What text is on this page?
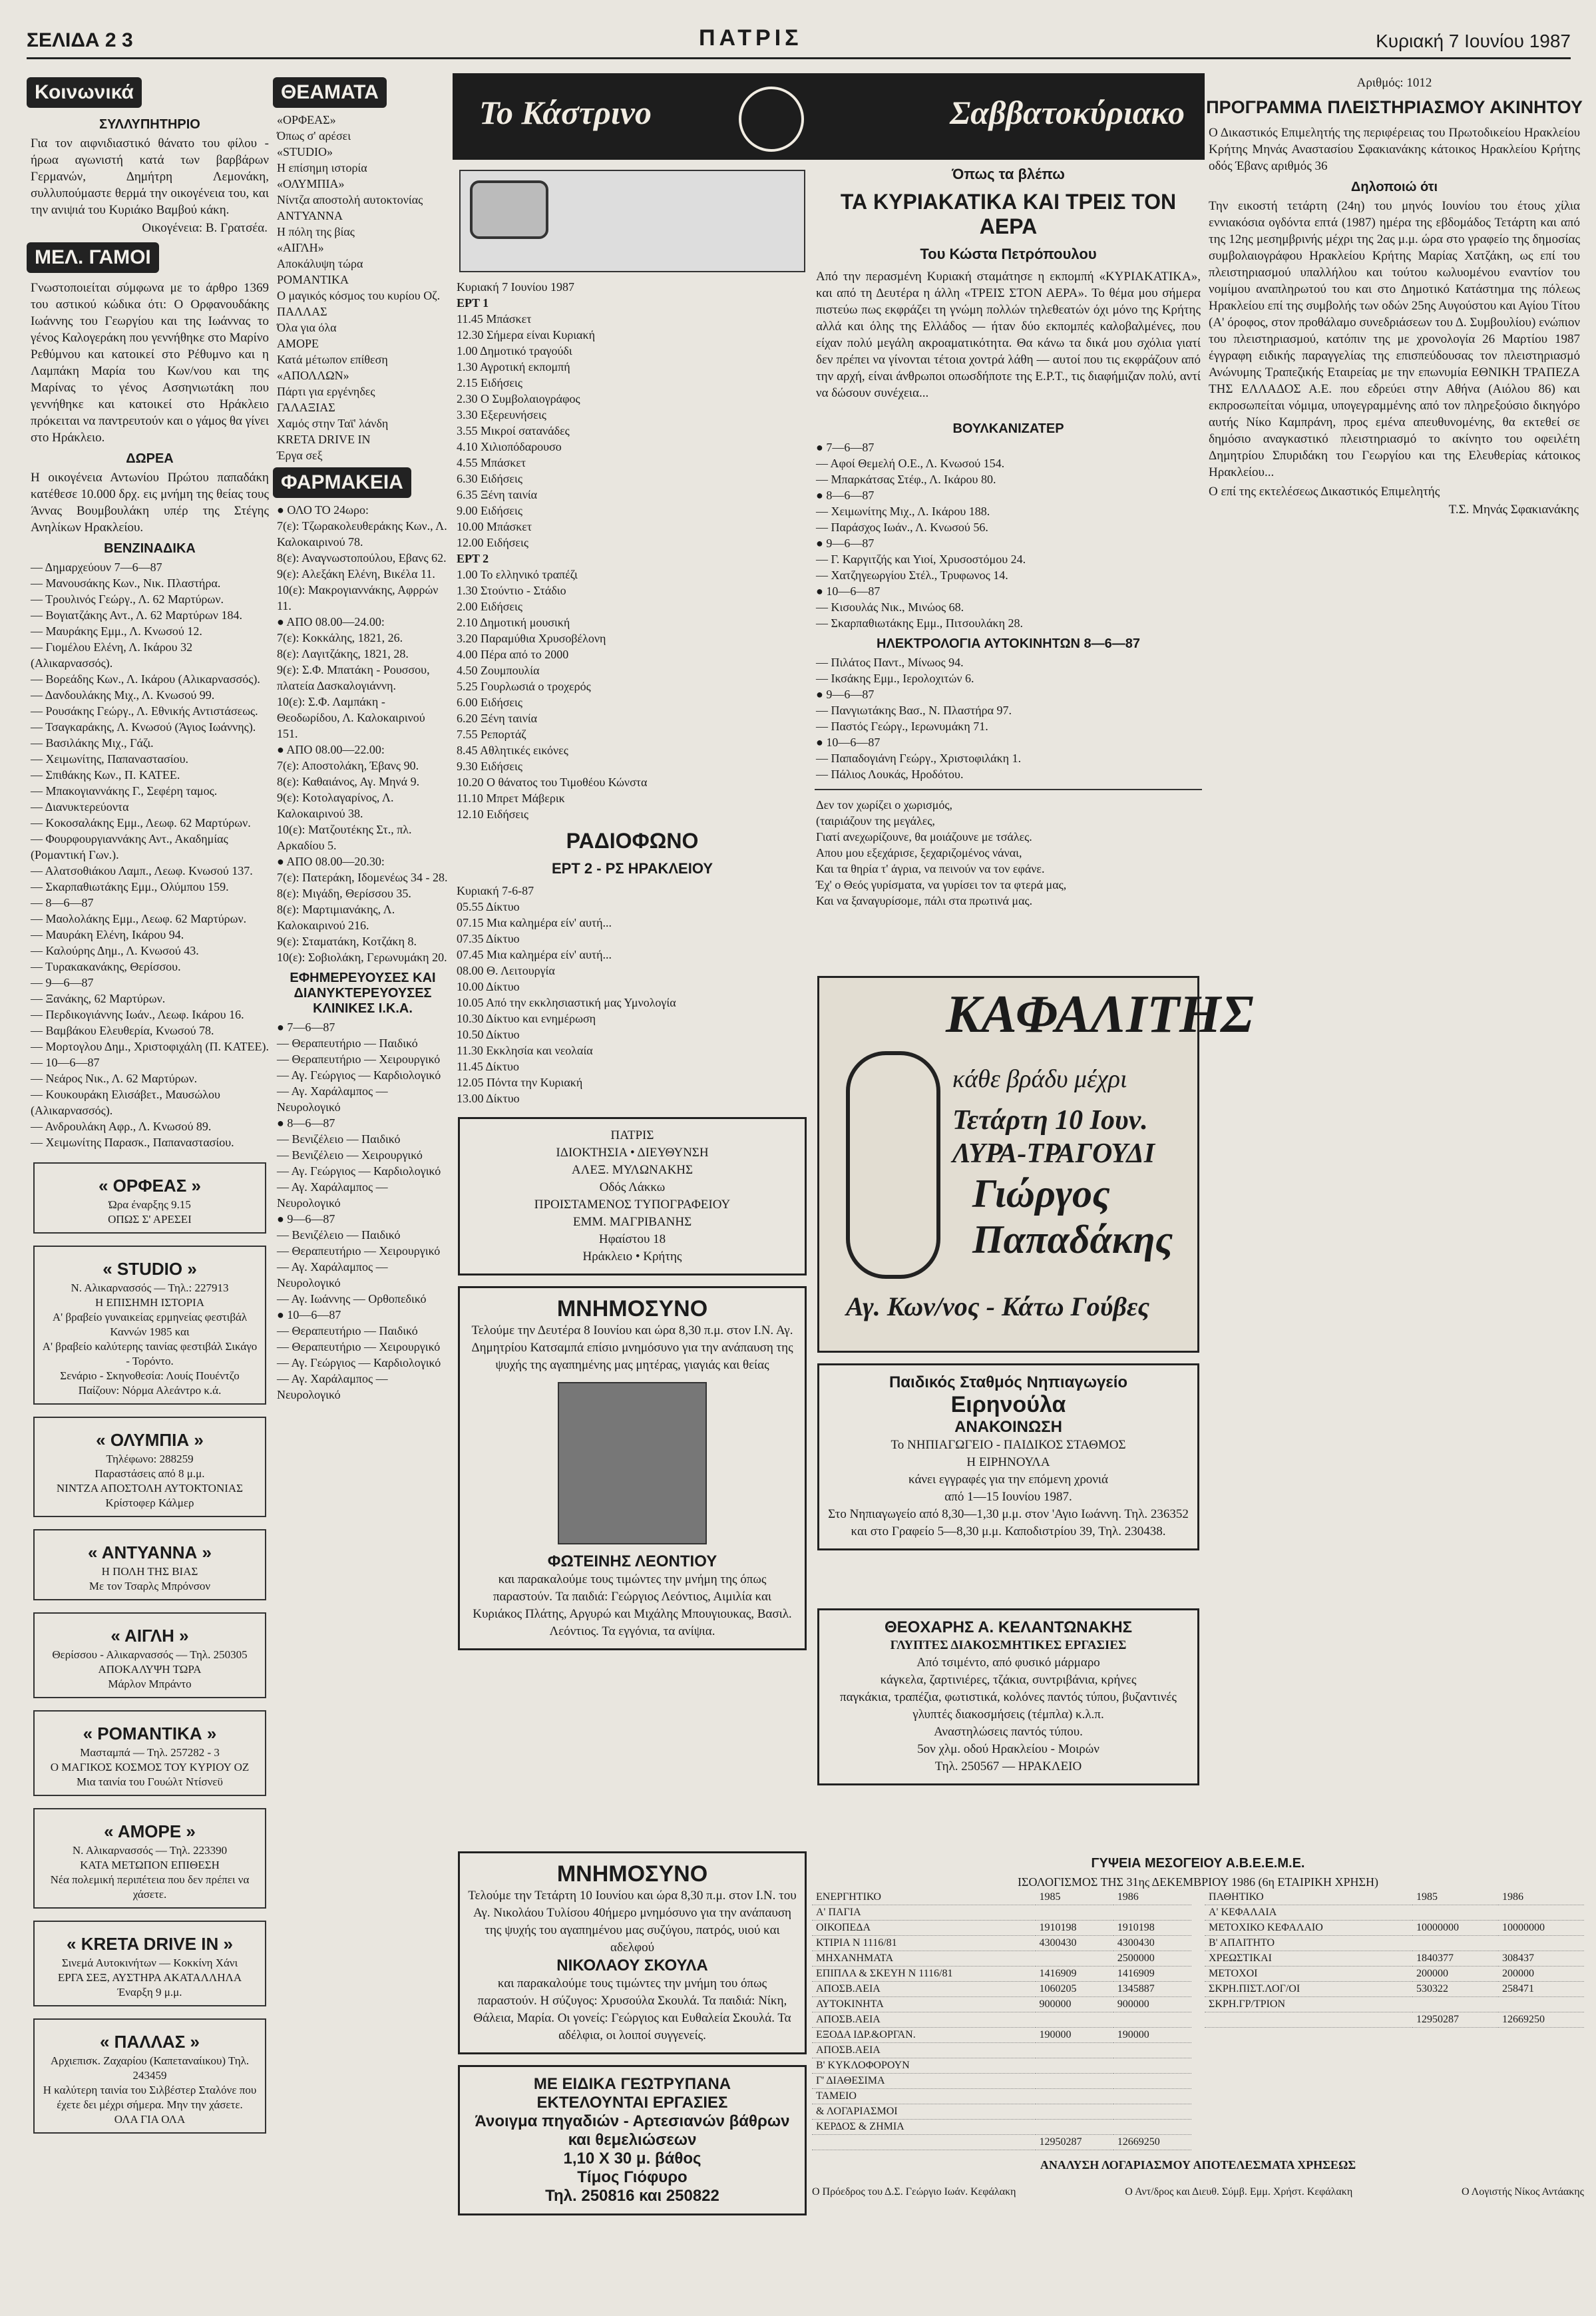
ΣΕΛΙΔΑ 2 3	ΠΑΤΡΙΣ	Κυριακή 7 Ιουνίου 1987
Κοινωνικά
ΣΥΛΛΥΠΗΤΗΡΙΟ

Για τον αιφνιδιαστικό θάνατο του φίλου - ήρωα αγωνιστή κατά των βαρβάρων Γερμανών, Δημήτρη Λεμονάκη, συλλυπούμαστε θερμά την οικογένεια του, και την ανιψιά του Κυριάκο Βαμβού κάκη.

Οικογένεια: Β. Γρατσέα.
ΜΕΛ. ΓΑΜΟΙ

Γνωστοποιείται σύμφωνα με το άρθρο 1369 του αστικού κώδικα ότι: Ο Ορφανουδάκης Ιωάννης του Γεωργίου και της Ιωάννας το γένος Καλογεράκη που γεννήθηκε στο Μαρίνο Ρεθύμνου και κατοικεί στο Ρέθυμνο και η Λαμπάκη Μαρία του Κων/νου και της Μαρίνας το γένος Ασσηνιωτάκη που γεννήθηκε και κατοικεί στο Ηράκλειο πρόκειται να παντρευτούν και ο γάμος θα γίνει στο Ηράκλειο.

ΔΩΡΕΑ

Η οικογένεια Αντωνίου Πρώτου παπαδάκη κατέθεσε 10.000 δρχ. εις μνήμη της θείας τους Άννας Βουμβουλάκη υπέρ της Στέγης Ανηλίκων Ηρακλείου.

ΒΕΝΖΙΝΑΔΙΚΑ
— Δημαρχεύουν 7—6—87
— Μανουσάκης Κων., Νικ. Πλαστήρα.
— Τρουλινός Γεώργ., Λ. 62 Μαρτύρων.
— Βογιατζάκης Αντ., Λ. 62 Μαρτύρων 184.
— Μαυράκης Εμμ., Λ. Κνωσού 12.
— Γιομέλου Ελένη, Λ. Ικάρου 32 (Αλικαρνασσός).
— Βορεάδης Κων., Λ. Ικάρου (Αλικαρνασσός).
— Δανδουλάκης Μιχ., Λ. Κνωσού 99.
— Ρουσάκης Γεώργ., Λ. Εθνικής Αντιστάσεως.
— Τσαγκαράκης, Λ. Κνωσού (Άγιος Ιωάννης).
— Βασιλάκης Μιχ., Γάζι.
— Χειμωνίτης, Παπαναστασίου.
— Σπιθάκης Κων., Π. ΚΑΤΕΕ.
— Μπακογιαννάκης Γ., Σεφέρη ταμος.
— Διανυκτερεύοντα
— Κοκοσαλάκης Εμμ., Λεωφ. 62 Μαρτύρων.
— Φουρφουργιαννάκης Αντ., Ακαδημίας (Ρομαντική Γων.).
— Αλατσοθιάκου Λαμπ., Λεωφ. Κνωσού 137.
— Σκαρπαθιωτάκης Εμμ., Ολύμπου 159.
— 8—6—87
— Μαολολάκης Εμμ., Λεωφ. 62 Μαρτύρων.
— Μαυράκη Ελένη, Ικάρου 94.
— Καλούρης Δημ., Λ. Κνωσού 43.
— Τυρακακανάκης, Θερίσσου.
— 9—6—87
— Ξανάκης, 62 Μαρτύρων.
— Περδικογιάννης Ιωάν., Λεωφ. Ικάρου 16.
— Βαμβάκου Ελευθερία, Κνωσού 78.
— Μορτογλου Δημ., Χριστοφιχάλη (Π. ΚΑΤΕΕ).
— 10—6—87
— Νεάρος Νικ., Λ. 62 Μαρτύρων.
— Κουκουράκη Ελισάβετ., Μαυσώλου (Αλικαρνασσός).
— Ανδρουλάκη Αφρ., Λ. Κνωσού 89.
— Χειμωνίτης Παρασκ., Παπαναστασίου.
« ΟΡΦΕΑΣ »
Ώρα έναρξης 9.15
ΟΠΩΣ Σ' ΑΡΕΣΕΙ
« STUDIO »
Ν. Αλικαρνασσός — Τηλ.: 227913
Η ΕΠΙΣΗΜΗ ΙΣΤΟΡΙΑ
Α' βραβείο γυναικείας ερμηνείας φεστιβάλ Καννών 1985 και
Α' βραβείο καλύτερης ταινίας φεστιβάλ Σικάγο - Τορόντο.
Σενάριο - Σκηνοθεσία: Λουίς Πουέντζο
Παίζουν: Νόρμα Αλεάντρο κ.ά.
« ΟΛΥΜΠΙΑ »
Τηλέφωνο: 288259
Παραστάσεις από 8 μ.μ.
ΝΙΝΤΖΑ ΑΠΟΣΤΟΛΗ ΑΥΤΟΚΤΟΝΙΑΣ
Κρίστοφερ Κάλμερ
« ΑΝΤΥΑΝΝΑ »
Η ΠΟΛΗ ΤΗΣ ΒΙΑΣ
Με τον Τσαρλς Μπρόνσον
« ΑΙΓΛΗ »
Θερίσσου - Αλικαρνασσός — Τηλ. 250305
ΑΠΟΚΑΛΥΨΗ ΤΩΡΑ
Μάρλον Μπράντο
« ΡΟΜΑΝΤΙΚΑ »
Μασταμπά — Τηλ. 257282 - 3
Ο ΜΑΓΙΚΟΣ ΚΟΣΜΟΣ ΤΟΥ ΚΥΡΙΟΥ ΟΖ
Μια ταινία του Γουώλτ Ντίσνεϋ
« ΑΜΟΡΕ »
Ν. Αλικαρνασσός — Τηλ. 223390
ΚΑΤΑ ΜΕΤΩΠΟΝ ΕΠΙΘΕΣΗ
Νέα πολεμική περιπέτεια που δεν πρέπει να χάσετε.
« KRETA DRIVE IN »
Σινεμά Αυτοκινήτων — Κοκκίνη Χάνι
ΕΡΓΑ ΣΕΞ, ΑΥΣΤΗΡΑ ΑΚΑΤΑΛΛΗΛΑ
Έναρξη 9 μ.μ.
« ΠΑΛΛΑΣ »
Αρχιεπισκ. Ζαχαρίου (Καπεταναίικου) Τηλ. 243459
Η καλύτερη ταινία του Σιλβέστερ Σταλόνε που έχετε δει μέχρι σήμερα. Μην την χάσετε.
ΟΛΑ ΓΙΑ ΟΛΑ
ΘΕΑΜΑΤΑ
«ΟΡΦΕΑΣ»
Όπως σ' αρέσει
«STUDIO»
Η επίσημη ιστορία
«ΟΛΥΜΠΙΑ»
Νίντζα αποστολή αυτοκτονίας
ΑΝΤΥΑΝΝΑ
Η πόλη της βίας
«ΑΙΓΛΗ»
Αποκάλυψη τώρα
ΡΟΜΑΝΤΙΚΑ
Ο μαγικός κόσμος του κυρίου Οζ.
ΠΑΛΛΑΣ
Όλα για όλα
ΑΜΟΡΕ
Κατά μέτωπον επίθεση
«ΑΠΟΛΛΩΝ»
Πάρτι για εργένηδες
ΓΑΛΑΞΙΑΣ
Χαμός στην Ταϊ' λάνδη
KRETA DRIVE IN
Έργα σεξ
ΦΑΡΜΑΚΕΙΑ
● ΟΛΟ ΤΟ 24ωρο:
7(ε): Τζωρακολευθεράκης Κων., Λ. Καλοκαιρινού 78.
8(ε): Αναγνωστοπούλου, Εβανς 62.
9(ε): Αλεξάκη Ελένη, Βικέλα 11.
10(ε): Μακρογιαννάκης, Αφρρών 11.
● ΑΠΟ 08.00—24.00:
7(ε): Κοκκάλης, 1821, 26.
8(ε): Λαγιτζάκης, 1821, 28.
9(ε): Σ.Φ. Μπατάκη - Ρουσσου, πλατεία Δασκαλογιάννη.
10(ε): Σ.Φ. Λαμπάκη - Θεοδωρίδου, Λ. Καλοκαιρινού 151.
● ΑΠΟ 08.00—22.00:
7(ε): Αποστολάκη, Έβανς 90.
8(ε): Καθαιάνος, Αγ. Μηνά 9.
9(ε): Κοτολαγαρίνος, Λ. Καλοκαιρινού 38.
10(ε): Ματζουτέκης Στ., πλ. Αρκαδίου 5.
● ΑΠΟ 08.00—20.30:
7(ε): Πατεράκη, Ιδομενέως 34 - 28.
8(ε): Μιγάδη, Θερίσσου 35.
8(ε): Μαρτιμιανάκης, Λ. Καλοκαιρινού 216.
9(ε): Σταματάκη, Κοτζάκη 8.
10(ε): Σοβιολάκη, Γερωνυμάκη 20.
ΕΦΗΜΕΡΕΥΟΥΣΕΣ ΚΑΙ ΔΙΑΝΥΚΤΕΡΕΥΟΥΣΕΣ ΚΛΙΝΙΚΕΣ Ι.Κ.Α.
● 7—6—87
— Θεραπευτήριο — Παιδικό
— Θεραπευτήριο — Χειρουργικό
— Αγ. Γεώργιος — Καρδιολογικό
— Αγ. Χαράλαμπος — Νευρολογικό
● 8—6—87
— Βενιζέλειο — Παιδικό
— Βενιζέλειο — Χειρουργικό
— Αγ. Γεώργιος — Καρδιολογικό
— Αγ. Χαράλαμπος — Νευρολογικό
● 9—6—87
— Βενιζέλειο — Παιδικό
— Θεραπευτήριο — Χειρουργικό
— Αγ. Χαράλαμπος — Νευρολογικό
— Αγ. Ιωάννης — Ορθοπεδικό
● 10—6—87
— Θεραπευτήριο — Παιδικό
— Θεραπευτήριο — Χειρουργικό
— Αγ. Γεώργιος — Καρδιολογικό
— Αγ. Χαράλαμπος — Νευρολογικό
Το Κάστρινο	Σαββατοκύριακο
Κυριακή 7 Ιουνίου 1987
ΕΡΤ 1
11.45 Μπάσκετ
12.30 Σήμερα είναι Κυριακή
1.00 Δημοτικό τραγούδι
1.30 Αγροτική εκπομπή
2.15 Ειδήσεις
2.30 Ο Συμβολαιογράφος
3.30 Εξερευνήσεις
3.55 Μικροί σατανάδες
4.10 Χιλιοπόδαρουσο
4.55 Μπάσκετ
6.30 Ειδήσεις
6.35 Ξένη ταινία
9.00 Ειδήσεις
10.00 Μπάσκετ
12.00 Ειδήσεις
ΕΡΤ 2
1.00 Το ελληνικό τραπέζι
1.30 Στούντιο - Στάδιο
2.00 Ειδήσεις
2.10 Δημοτική μουσική
3.20 Παραμύθια Χρυσοβέλονη
4.00 Πέρα από το 2000
4.50 Ζουμπουλία
5.25 Γουρλωσιά ο τροχερός
6.00 Ειδήσεις
6.20 Ξένη ταινία
7.55 Ρεπορτάζ
8.45 Αθλητικές εικόνες
9.30 Ειδήσεις
10.20 Ο θάνατος του Τιμοθέου Κώνστα
11.10 Μπρετ Μάβερικ
12.10 Ειδήσεις
ΡΑΔΙΟΦΩΝΟ
ΕΡΤ 2 - ΡΣ ΗΡΑΚΛΕΙΟΥ
Κυριακή 7-6-87
05.55 Δίκτυο
07.15 Μια καλημέρα είν' αυτή...
07.35 Δίκτυο
07.45 Μια καλημέρα είν' αυτή...
08.00 Θ. Λειτουργία
10.00 Δίκτυο
10.05 Από την εκκλησιαστική μας Υμνολογία
10.30 Δίκτυο και ενημέρωση
10.50 Δίκτυο
11.30 Εκκλησία και νεολαία
11.45 Δίκτυο
12.05 Πόντα την Κυριακή
13.00 Δίκτυο
ΠΑΤΡΙΣ
ΙΔΙΟΚΤΗΣΙΑ • ΔΙΕΥΘΥΝΣΗ
ΑΛΕΞ. ΜΥΛΩΝΑΚΗΣ
Οδός Λάκκω
ΠΡΟΙΣΤΑΜΕΝΟΣ ΤΥΠΟΓΡΑΦΕΙΟΥ
ΕΜΜ. ΜΑΓΡΙΒΑΝΗΣ
Ηφαίστου 18
Ηράκλειο • Κρήτης
ΜΝΗΜΟΣΥΝΟ
Τελούμε την Δευτέρα 8 Ιουνίου και ώρα 8,30 π.μ. στον Ι.Ν. Αγ. Δημητρίου Κατσαμπά επίσιο μνημόσυνο για την ανάπαυση της ψυχής της αγαπημένης μας μητέρας, γιαγιάς και θείας
ΦΩΤΕΙΝΗΣ ΛΕΟΝΤΙΟΥ
και παρακαλούμε τους τιμώντες την μνήμη της όπως παραστούν. Τα παιδιά: Γεώργιος Λεόντιος, Αιμιλία και Κυριάκος Πλάτης, Αργυρώ και Μιχάλης Μπουγιουκας, Βασιλ. Λεόντιος. Τα εγγόνια, τα ανίψια.
Όπως τα βλέπω
ΤΑ ΚΥΡΙΑΚΑΤΙΚΑ ΚΑΙ ΤΡΕΙΣ ΤΟΝ ΑΕΡΑ
Του Κώστα Πετρόπουλου

Από την περασμένη Κυριακή σταμάτησε η εκπομπή «ΚΥΡΙΑΚΑΤΙΚΑ», και από τη Δευτέρα η άλλη «ΤΡΕΙΣ ΣΤΟΝ ΑΕΡΑ». Το θέμα μου σήμερα πιστεύω πως εκφράζει τη γνώμη πολλών τηλεθεατών όχι μόνο της Κρήτης αλλά και όλης της Ελλάδος — ήταν δύο εκπομπές καλοβαλμένες, που είχαν πολύ μεγάλη ακροαματικότητα. Θα κάνω τα δικά μου σχόλια γιατί δεν πρέπει να γίνονται τέτοια χοντρά λάθη — αυτοί που τις εκφράζουν από την αρχή, είναι άνθρωποι οπωσδήποτε της Ε.Ρ.Τ., τις διαφήμιζαν πολύ, αντί να δώσουν συνέχεια...

ΒΟΥΛΚΑΝΙΖΑΤΕΡ
● 7—6—87
— Αφοί Θεμελή Ο.Ε., Λ. Κνωσού 154.
— Μπαρκάτσας Στέφ., Λ. Ικάρου 80.
● 8—6—87
— Χειμωνίτης Μιχ., Λ. Ικάρου 188.
— Παράσχος Ιωάν., Λ. Κνωσού 56.
● 9—6—87
— Γ. Καργιτζής και Υιοί, Χρυσοστόμου 24.
— Χατζηγεωργίου Στέλ., Τρυφωνος 14.
● 10—6—87
— Κισουλάς Νικ., Μινώος 68.
— Σκαρπαθιωτάκης Εμμ., Πιτσουλάκη 28.
ΗΛΕΚΤΡΟΛΟΓΙΑ ΑΥΤΟΚΙΝΗΤΩΝ 8—6—87
— Πιλάτος Παντ., Μίνωος 94.
— Ικσάκης Εμμ., Ιερολοχιτών 6.
● 9—6—87
— Πανγιωτάκης Βασ., Ν. Πλαστήρα 97.
— Παστός Γεώργ., Ιερωνυμάκη 71.
● 10—6—87
— Παπαδογιάνη Γεώργ., Χριστοφιλάκη 1.
— Πάλιος Λουκάς, Ηροδότου.
Δεν τον χωρίζει ο χωρισμός,
(ταιριάζουν της μεγάλες,
Γιατί ανεχωρίζουνε, θα μοιάζουνε με τσάλες.
Απου μου εξεχάρισε, ξεχαριζομένος νάναι,
Και τα θηρία τ' άγρια, να πεινούν να τον εφάνε.
Έχ' ο Θεός γυρίσματα, να γυρίσει τον τα φτερά μας,
Και να ξαναγυρίσομε, πάλι στα πρωτινά μας.
ΚΑΦΑΛΙΤΗΣ
κάθε βράδυ μέχρι
Τετάρτη 10 Ιουν.
ΛΥΡΑ-ΤΡΑΓΟΥΔΙ
Γιώργος Παπαδάκης
Αγ. Κων/νος - Κάτω Γούβες
Παιδικός Σταθμός Νηπιαγωγείο
Ειρηνούλα
ΑΝΑΚΟΙΝΩΣΗ
Το ΝΗΠΙΑΓΩΓΕΙΟ - ΠΑΙΔΙΚΟΣ ΣΤΑΘΜΟΣ
Η ΕΙΡΗΝΟΥΛΑ
κάνει εγγραφές για την επόμενη χρονιά
από 1—15 Ιουνίου 1987.
Στο Νηπιαγωγείο από 8,30—1,30 μ.μ. στον 'Αγιο Ιωάννη. Τηλ. 236352 και στο Γραφείο 5—8,30 μ.μ. Καποδιστρίου 39, Τηλ. 230438.
Αριθμός: 1012
ΠΡΟΓΡΑΜΜΑ ΠΛΕΙΣΤΗΡΙΑΣΜΟΥ ΑΚΙΝΗΤΟΥ

Ο Δικαστικός Επιμελητής της περιφέρειας του Πρωτοδικείου Ηρακλείου Κρήτης Μηνάς Αναστασίου Σφακιανάκης κάτοικος Ηρακλείου Κρήτης οδός Έβανς αριθμός 36

Δηλοποιώ ότι

Την εικοστή τετάρτη (24η) του μηνός Ιουνίου του έτους χίλια εννιακόσια ογδόντα επτά (1987) ημέρα της εβδομάδος Τετάρτη και από της 12ης μεσημβρινής μέχρι της 2ας μ.μ. ώρα στο γραφείο της δημοσίας συμβολαιογράφου Ηρακλείου Κρήτης Μαρίας Χατζάκη, ως επί του πλειστηριασμού υπαλλήλου και τούτου κωλυομένου εναντίον του νομίμου αναπληρωτού του και στο Δημοτικό Κατάστημα της πόλεως Ηρακλείου επί της συμβολής των οδών 25ης Αυγούστου και Αγίου Τίτου (Α' όροφος, στον προθάλαμο συνεδριάσεων του Δ. Συμβουλίου) ενώπιον του πλειστηριασμού, κατόπιν της με χρονολογία 26 Μαρτίου 1987 έγγραφη ειδικής παραγγελίας της επισπεύδουσας τον πλειστηριασμό Ανώνυμης Τραπεζικής Εταιρείας με την επωνυμία ΕΘΝΙΚΗ ΤΡΑΠΕΖΑ ΤΗΣ ΕΛΛΑΔΟΣ Α.Ε. που εδρεύει στην Αθήνα (Αιόλου 86) και εκπροσωπείται νόμιμα, υπογεγραμμένης από τον πληρεξούσιο δικηγόρο αυτής Νίκο Καμπράνη, προς εμένα απευθυνομένης, θα εκτεθεί σε δημόσιο αναγκαστικό πλειστηριασμό το ακίνητο του οφειλέτη Δημητρίου Σπυριδάκη του Γεωργίου και της Ελευθερίας κάτοικος Ηρακλείου...

Ο επί της εκτελέσεως Δικαστικός Επιμελητής

Τ.Σ. Μηνάς Σφακιανάκης
ΜΝΗΜΟΣΥΝΟ
Τελούμε την Τετάρτη 10 Ιουνίου και ώρα 8,30 π.μ. στον Ι.Ν. του Αγ. Νικολάου Τυλίσου 40ήμερο μνημόσυνο για την ανάπαυση της ψυχής του αγαπημένου μας συζύγου, πατρός, υιού και αδελφού
ΝΙΚΟΛΑΟΥ ΣΚΟΥΛΑ
και παρακαλούμε τους τιμώντες την μνήμη του όπως παραστούν. Η σύζυγος: Χρυσούλα Σκουλά. Τα παιδιά: Νίκη, Θάλεια, Μαρία. Οι γονείς: Γεώργιος και Ευθαλεία Σκουλά. Τα αδέλφια, οι λοιποί συγγενείς.
ΜΕ ΕΙΔΙΚΑ ΓΕΩΤΡΥΠΑΝΑ
ΕΚΤΕΛΟΥΝΤΑΙ ΕΡΓΑΣΙΕΣ
Άνοιγμα πηγαδιών - Αρτεσιανών βάθρων και θεμελιώσεων
1,10 Χ 30 μ. βάθος
Τίμος Γιόφυρο
Τηλ. 250816 και 250822
ΘΕΟΧΑΡΗΣ Α. ΚΕΛΑΝΤΩΝΑΚΗΣ
ΓΛΥΠΤΕΣ ΔΙΑΚΟΣΜΗΤΙΚΕΣ ΕΡΓΑΣΙΕΣ
Από τσιμέντο, από φυσικό μάρμαρο
κάγκελα, ζαρτινιέρες, τζάκια, συντριβάνια, κρήνες
παγκάκια, τραπέζια, φωτιστικά, κολόνες παντός τύπου, βυζαντινές γλυπτές διακοσμήσεις (τέμπλα) κ.λ.π.
Αναστηλώσεις παντός τύπου.
5ον χλμ. οδού Ηρακλείου - Μοιρών
Τηλ. 250567 — ΗΡΑΚΛΕΙΟ
ΓΥΨΕΙΑ ΜΕΣΟΓΕΙΟΥ Α.Β.Ε.Ε.Μ.Ε.
ΙΣΟΛΟΓΙΣΜΟΣ ΤΗΣ 31ης ΔΕΚΕΜΒΡΙΟΥ 1986 (6η ΕΤΑΙΡΙΚΗ ΧΡΗΣΗ)
ΕΝΕΡΓΗΤΙΚΟ	1985	1986
Α' ΠΑΓΙΑ		
ΟΙΚΟΠΕΔΑ	1910198	1910198
ΚΤΙΡΙΑ Ν 1116/81	4300430	4300430
ΜΗΧΑΝΗΜΑΤΑ		2500000
ΕΠΙΠΛΑ & ΣΚΕΥΗ Ν 1116/81	1416909	1416909
ΑΠΟΣΒ.ΑΕΙΑ	1060205	1345887
ΑΥΤΟΚΙΝΗΤΑ	900000	900000
ΑΠΟΣΒ.ΑΕΙΑ		
ΕΞΟΔΑ ΙΔΡ.&ΟΡΓΑΝ.	190000	190000
ΑΠΟΣΒ.ΑΕΙΑ		
Β' ΚΥΚΛΟΦΟΡΟΥΝ		
Γ' ΔΙΑΘΕΣΙΜΑ		
ΤΑΜΕΙΟ		
& ΛΟΓΑΡΙΑΣΜΟΙ		
ΚΕΡΔΟΣ & ΖΗΜΙΑ		
	12950287	12669250
ΠΑΘΗΤΙΚΟ	1985	1986
Α' ΚΕΦΑΛΑΙΑ		
ΜΕΤΟΧΙΚΟ ΚΕΦΑΛΑΙΟ	10000000	10000000
Β' ΑΠΑΙΤΗΤΟ		
ΧΡΕΩΣΤΙΚΑΙ	1840377	308437
ΜΕΤΟΧΟΙ	200000	200000
ΣΚΡΗ.ΠΙΣΤ.ΛΟΓ/ΟΙ	530322	258471
ΣΚΡΗ.ΓΡ/ΤΡΙΟΝ		
	12950287	12669250
ΑΝΑΛΥΣΗ ΛΟΓΑΡΙΑΣΜΟΥ ΑΠΟΤΕΛΕΣΜΑΤΑ ΧΡΗΣΕΩΣ
Ο Πρόεδρος του Δ.Σ. Γεώργιο Ιωάν. Κεφάλακη	Ο Αντ/δρος και Διευθ. Σύμβ. Εμμ. Χρήστ. Κεφάλακη	Ο Λογιστής Νίκος Αντάακης
